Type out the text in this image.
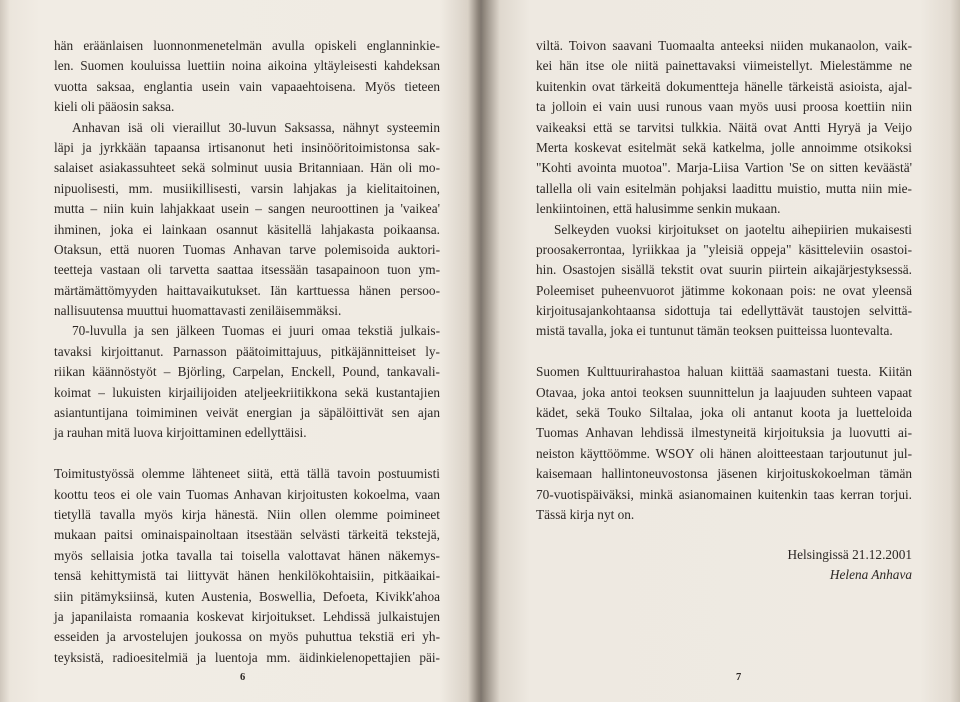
hän eräänlaisen luonnonmenetelmän avulla opiskeli englanninkie-
len. Suomen kouluissa luettiin noina aikoina yltäyleisesti kahdeksan
vuotta saksaa, englantia usein vain vapaaehtoisena. Myös tieteen
kieli oli pääosin saksa.
Anhavan isä oli vieraillut 30-luvun Saksassa, nähnyt systeemin
läpi ja jyrkkään tapaansa irtisanonut heti insinööritoimistonsa sak-
salaiset asiakassuhteet sekä solminut uusia Britanniaan. Hän oli mo-
nipuolisesti, mm. musiikillisesti, varsin lahjakas ja kielitaitoinen,
mutta – niin kuin lahjakkaat usein – sangen neuroottinen ja 'vaikea'
ihminen, joka ei lainkaan osannut käsitellä lahjakasta poikaansa.
Otaksun, että nuoren Tuomas Anhavan tarve polemisoida auktori-
teetteja vastaan oli tarvetta saattaa itsessään tasapainoon tuon ym-
märtämättömyyden haittavaikutukset. Iän karttuessa hänen persoo-
nallisuutensa muuttui huomattavasti zeniläisemmäksi.
70-luvulla ja sen jälkeen Tuomas ei juuri omaa tekstiä julkais-
tavaksi kirjoittanut. Parnasson päätoimittajuus, pitkäjännitteiset ly-
riikan käännöstyöt – Björling, Carpelan, Enckell, Pound, tankavali-
koimat – lukuisten kirjailijoiden ateljeekriitikkona sekä kustantajien
asiantuntijana toimiminen veivät energian ja säpälöittivät sen ajan
ja rauhan mitä luova kirjoittaminen edellyttäisi.
Toimitustyössä olemme lähteneet siitä, että tällä tavoin postuumisti
koottu teos ei ole vain Tuomas Anhavan kirjoitusten kokoelma, vaan
tietyllä tavalla myös kirja hänestä. Niin ollen olemme poimineet
mukaan paitsi ominaispainoltaan itsestään selvästi tärkeitä tekstejä,
myös sellaisia jotka tavalla tai toisella valottavat hänen näkemys-
tensä kehittymistä tai liittyvät hänen henkilökohtaisiin, pitkäaikai-
siin pitämyksiinsä, kuten Austenia, Boswellia, Defoeta, Kivikk'ahoa
ja japanilaista romaania koskevat kirjoitukset. Lehdissä julkaistujen
esseiden ja arvostelujen joukossa on myös puhuttua tekstiä eri yh-
teyksistä, radioesitelmiä ja luentoja mm. äidinkielenopettajien päi-
6
viltä. Toivon saavani Tuomaalta anteeksi niiden mukanaolon, vaik-
kei hän itse ole niitä painettavaksi viimeistellyt. Mielestämme ne
kuitenkin ovat tärkeitä dokumentteja hänelle tärkeistä asioista, ajal-
ta jolloin ei vain uusi runous vaan myös uusi proosa koettiin niin
vaikeaksi että se tarvitsi tulkkia. Näitä ovat Antti Hyryä ja Veijo
Merta koskevat esitelmät sekä katkelma, jolle annoimme otsikoksi
"Kohti avointa muotoa". Marja-Liisa Vartion 'Se on sitten keväästä'
tallella oli vain esitelmän pohjaksi laadittu muistio, mutta niin mie-
lenkiintoinen, että halusimme senkin mukaan.
Selkeyden vuoksi kirjoitukset on jaoteltu aihepiirien mukaisesti
proosakerrontaa, lyriikkaa ja "yleisiä oppeja" käsitteleviin osastoi-
hin. Osastojen sisällä tekstit ovat suurin piirtein aikajärjestyksessä.
Poleemiset puheenvuorot jätimme kokonaan pois: ne ovat yleensä
kirjoitusajankohtaansa sidottuja tai edellyttävät taustojen selvittä-
mistä tavalla, joka ei tuntunut tämän teoksen puitteissa luontevalta.
Suomen Kulttuurirahastoa haluan kiittää saamastani tuesta. Kiitän
Otavaa, joka antoi teoksen suunnittelun ja laajuuden suhteen vapaat
kädet, sekä Touko Siltalaa, joka oli antanut koota ja luetteloida
Tuomas Anhavan lehdissä ilmestyneitä kirjoituksia ja luovutti ai-
neiston käyttöömme. WSOY oli hänen aloitteestaan tarjoutunut jul-
kaisemaan hallintoneuvostonsa jäsenen kirjoituskokoelman tämän
70-vuotispäiväksi, minkä asianomainen kuitenkin taas kerran torjui.
Tässä kirja nyt on.
Helsingissä 21.12.2001
Helena Anhava
7
